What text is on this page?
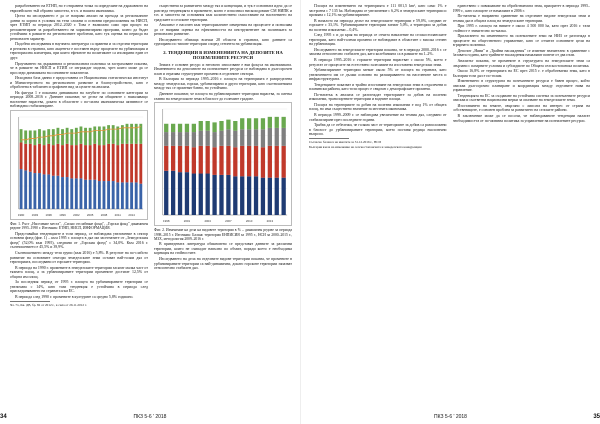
разработването на ЕТНП, но е отправена точка за определяне на държавното на европейското тъй образно хипотеза, в т.ч. и нашата икономика.

Целта на изследването е да се направи анализ на прехода за регионалните данни за хората в условия на тези сложни и основни предположения на НИСП, чрез ЕТИП за периода 2012–2020 г. Това е възможно само при процес на регламентиране за разработването на хармонизирани програми, които да бъдат устойчиви в рамките на регионалните проблеми, като тук оценка на периода на регионален характер.

Подобни изследвания в научната литература са правени и за отделни територии и региони в страната, като акцентът е поставен върху процесите на урбанизация и териториална асиметрия, при които ефектите на политиките са изолирани един от друг.

Проучването на държавната и регионалната политика за застраховане показва, че в рамките на НИСП и ЕТИП се изграждат модели, чрез които може да се проследи динамиката на основните показатели.

Изходната база данни е предоставена от Националния статистически институт и Министерството на регионалното развитие и благоустройството, като е обработена в табличен и графичен вид за целите на анализа.

На фигура 1 е показана динамиката на загубите по основните категории за периода 2008–2016 г. Данните показват, че делът на общините с намаляващо население нараства, докато в областите с по-силна икономическа активност се наблюдава стабилизиране.

1990 1993 1996 1999 2002 2005 2008 2011 2014

Фиг. 1. Ръст „Население места", „Силно отслабване фонд", „Горски фонд" динамичен редове 1995–1990 г. Източник: ЕТНП, НИСП, ИНФОРМАЦИЯ.

Представяйки тенденциите в този период, се наблюдава увеличение в сектор основни фонд (фиг. 1) – към 1995 г. площта в дял им засегнатите от „Земеделския фонд" (52,0% към 1995), следвани от „Горския фонд" с 34,0%. Към 2016 г. съотношението е 45,5% и 39,9%.

Съотношението между тези групи (към 2016) е 5,8%. В резултат на по-слабото развитие на основните сектори земеделските земи остават най-голям дял от територията, последвани от горските територии.

В периода на 1990 г. промените в земеделските територии засягат малка част от тяхната площ, а за урбанизираните територии промените достигат 12,5% от общата им площ.

За последния период от 1995 г. площта на урбанизираните територии се увеличава с 14%, като тази тенденция е устойчива в периода след присъединяването на страната към ЕС.

В периода след 1990 г. промените в културите са средно 5,8% годишно.

Чл. 7х, 6ж. ДВ, бр. 82 от 2012 г., в сила от 26.11.2012 г.

съществени за развитието между тях и концепции, и тук е основната идея: да се разгледа тенденцията в промените, които е използвал нискоходовият СМ НИПК и т.н. и хипотеза на основания към количествено съпоставяне на населението на градските и селските територии.

Анализът е насочен към териториалните измерения на процесите и позволява да се направи оценка на ефективността на инструментите на политиката за регионално развитие.

Изследването обхваща всички 28 области в страната, като данните са групирани по типове територии според степента на урбанизация.

2. ТЕНДЕНЦИИ В ИЗМЕНЕНИЯТА НА ДЕПОЗИТЕ НА ПОЗЕМЛЕНИТЕ РЕСУРСИ

Земята е основен ресурс и неговото използване е във фокуса на икономиката. Изменението на депозитите на поземлените ресурси се наблюдава в дългосрочен план и отразява структурните промени в отделните сектори.

В България за периода 1995–2016 г. площта на територията е разпределена между земеделски, горски, урбанизирани и други територии, като съотношенията между тях се променят бавно, но устойчиво.

Данните показват, че площта на урбанизираните територии нараства, за сметка главно на земеделските земи в близост до големите градове.

1998	2001	2004	2007	2010	2013

Фиг. 2. Изменение на дела на видовете територии в % – динамичен редове за периода 1998–2015 г. Източник: Баланс територии ЕНПИСИЯ за 1995 г., НСИ за 2000–2015 г., МЗХ, методология 2009–2016 г.

В приведената литература обикновено се представят данните за различни територии, които не съвпадат напълно по обхват, поради което е необходима корекция на стойностите.

Изследването на дела на отделните видове територии показва, че промените в урбанизираните територии са най-динамични, докато горските територии запазват относително стабилен дял.

34	ПКЗ 5-6 ' 2018

Площта на изменението на територията е 111 001,5 km², като само 1% е застроена с 7 135 ha. Наблюдава се увеличение с 6,2% в земеделските територии и промяна с 12,1% на урбанизираните.

В началото на периода делът на земеделските територии е 59,0%, следван от горските с 33,1%. Урбанизираните територии заемат 5,0%, а територии за добив на полезни изкопаеми – 0,4%.

След 1995 г. и до края на периода се отчита намаление на селскостопанските територии, като най-големи промени се наблюдават в областите с висока степен на урбанизация.

Изследването на земеделските територии показва, че в периода 2000–2016 г. се запазва относително стабилен дял, като колебанията са в рамките на 1–2%.

В периода 1995–2016 г. горските територии нарастват с около 5%, което е резултат от процесите на естествено залесяване на изоставени земеделски земи.

Урбанизираните територии заемат около 5% от площта на страната, като увеличението им се дължи основно на разширяването на населените места и инфраструктурата.

Тенденциите показват и трайно изоставяне на земеделски земи в отдалечени и планински райони, като този процес е свързан с демографските промени.

По-нататък в анализа се разглеждат териториите за добив на полезни изкопаеми, транспортните територии и водните площи.

Площта на териториите за добив на полезни изкопаеми е под 1% от общата площ, но има съществено значение за местната икономика.

В периода 1999–2009 г. се наблюдава увеличение на техния дял, следвано от стабилизиране през последните години.

Трябва да се отбележи, че голяма част от териториите за добив са разположени в близост до урбанизираните територии, което поставя редица екологични въпроси.

Съгласно баланса на имотите за 31.12.2016 г., НСИ

България взела на изменение на селскостопанската и земеделската конкуренция

единствено с повишаване на обработваемата земя, приоритет в периода 1995–1999 г., като площите се намаляват в 2006 г.

По-нататък е направено сравнение на отделните видове земеделски земи и техния дял в общата площ на земеделските територии.

При 1995 г. площта на нивите е около 4 500 000 ha, като през 2016 г. тази стойност е значително по-малка.

Прилагането на изменението на поземлените земи на НИЗ се разглежда в процесите на общественото управление, като се отчитат основните цели на аграрната политика.

Депозит „Ниви" и „Трайни насаждения" се изменят значително в сравнение с базовата година, като трайните насаждения намаляват повече от два пъти.

Анализът показва, че промените в структурата на земеделските земи са свързани с пазарните условия и субсидиите по Общата селскостопанска политика.

Около 16,8% от територията на ЕС през 2015 г. е обработваема земя, като в България този дял е по-голям.

Изменението в структурата на поземлените ресурси е бавен процес, който изисква дългосрочно планиране и координация между отделните нива на управление.

Тенденцията на ЕС за създаване на устойчива система за поземлените ресурси изисква и съответни национални мерки за опазване на земеделските земи.

Изоставянето на земите, свързано с липсата на интерес от страна на собствениците, е основен проблем за развитието на селските райони.

В заключение може да се посочи, че наблюдаваните тенденции налагат необходимостта от по-активна политика за управление на поземлените ресурси.

ПКЗ 5-6 ' 2018	35
